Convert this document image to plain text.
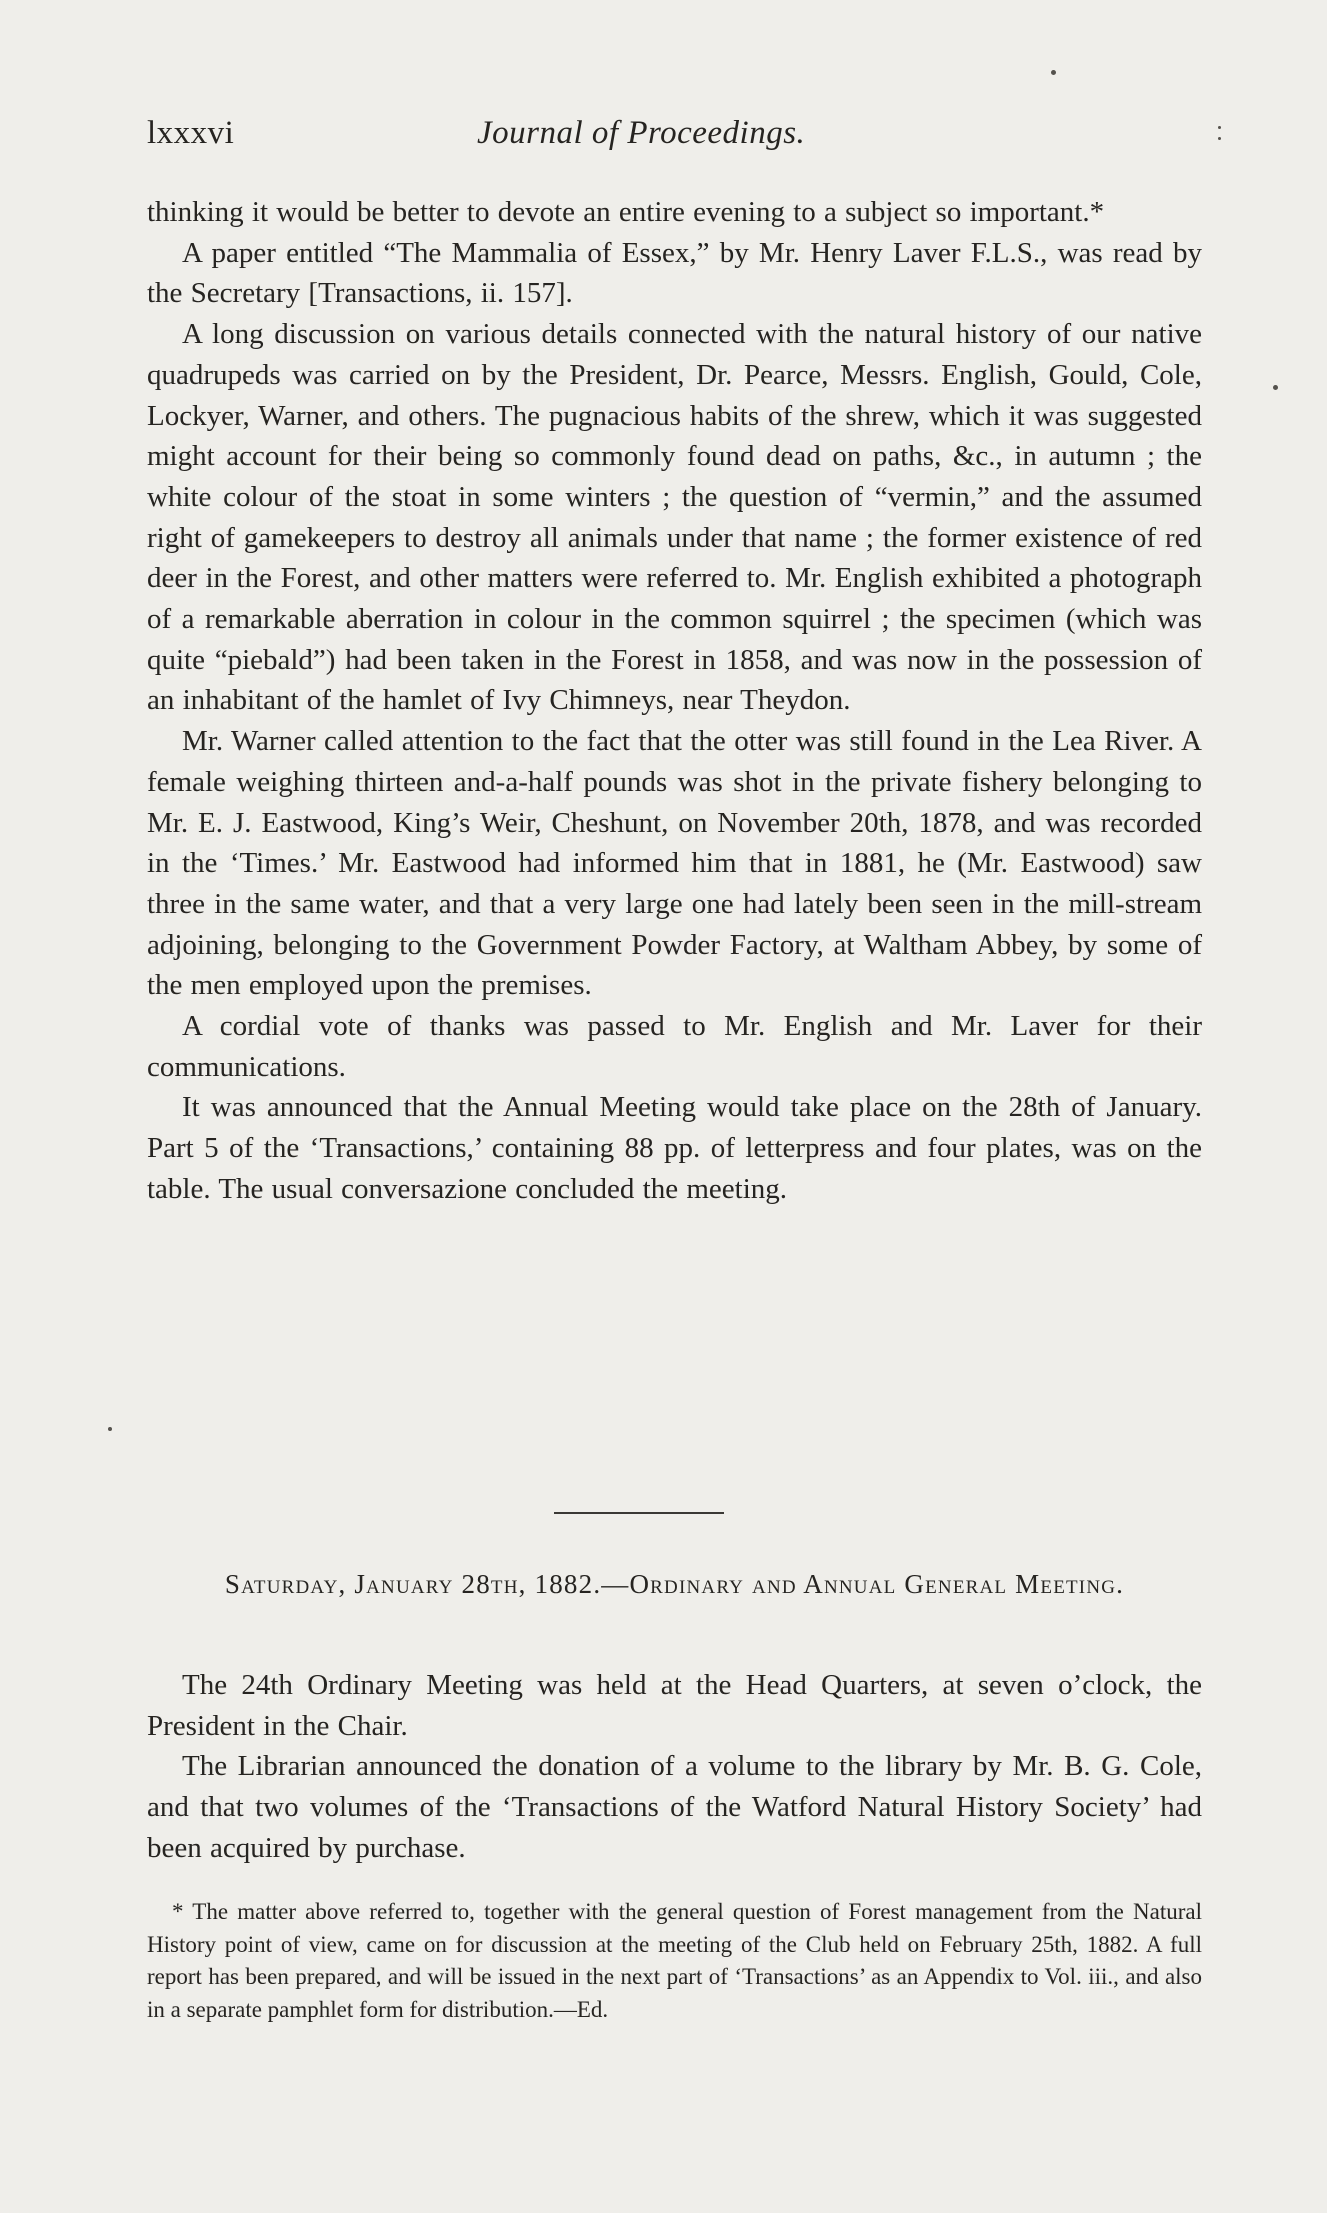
lxxxvi	Journal of Proceedings.

thinking it would be better to devote an entire evening to a subject so important.*

A paper entitled “The Mammalia of Essex,” by Mr. Henry Laver F.L.S., was read by the Secretary [Transactions, ii. 157].

A long discussion on various details connected with the natural history of our native quadrupeds was carried on by the President, Dr. Pearce, Messrs. English, Gould, Cole, Lockyer, Warner, and others. The pugnacious habits of the shrew, which it was suggested might account for their being so commonly found dead on paths, &c., in autumn ; the white colour of the stoat in some winters ; the question of “vermin,” and the assumed right of gamekeepers to destroy all animals under that name ; the former existence of red deer in the Forest, and other matters were referred to. Mr. English exhibited a photograph of a remarkable aberration in colour in the common squirrel ; the specimen (which was quite “piebald”) had been taken in the Forest in 1858, and was now in the possession of an inhabitant of the hamlet of Ivy Chimneys, near Theydon.

Mr. Warner called attention to the fact that the otter was still found in the Lea River. A female weighing thirteen and-a-half pounds was shot in the private fishery belonging to Mr. E. J. Eastwood, King’s Weir, Cheshunt, on November 20th, 1878, and was recorded in the ‘Times.’ Mr. Eastwood had informed him that in 1881, he (Mr. Eastwood) saw three in the same water, and that a very large one had lately been seen in the mill-stream adjoining, belonging to the Government Powder Factory, at Waltham Abbey, by some of the men employed upon the premises.

A cordial vote of thanks was passed to Mr. English and Mr. Laver for their communications.

It was announced that the Annual Meeting would take place on the 28th of January. Part 5 of the ‘Transactions,’ containing 88 pp. of letterpress and four plates, was on the table. The usual conversazione concluded the meeting.

Saturday, January 28th, 1882.—Ordinary and Annual General Meeting.

The 24th Ordinary Meeting was held at the Head Quarters, at seven o’clock, the President in the Chair.

The Librarian announced the donation of a volume to the library by Mr. B. G. Cole, and that two volumes of the ‘Transactions of the Watford Natural History Society’ had been acquired by purchase.

* The matter above referred to, together with the general question of Forest management from the Natural History point of view, came on for discussion at the meeting of the Club held on February 25th, 1882. A full report has been prepared, and will be issued in the next part of ‘Transactions’ as an Appendix to Vol. iii., and also in a separate pamphlet form for distribution.—Ed.
